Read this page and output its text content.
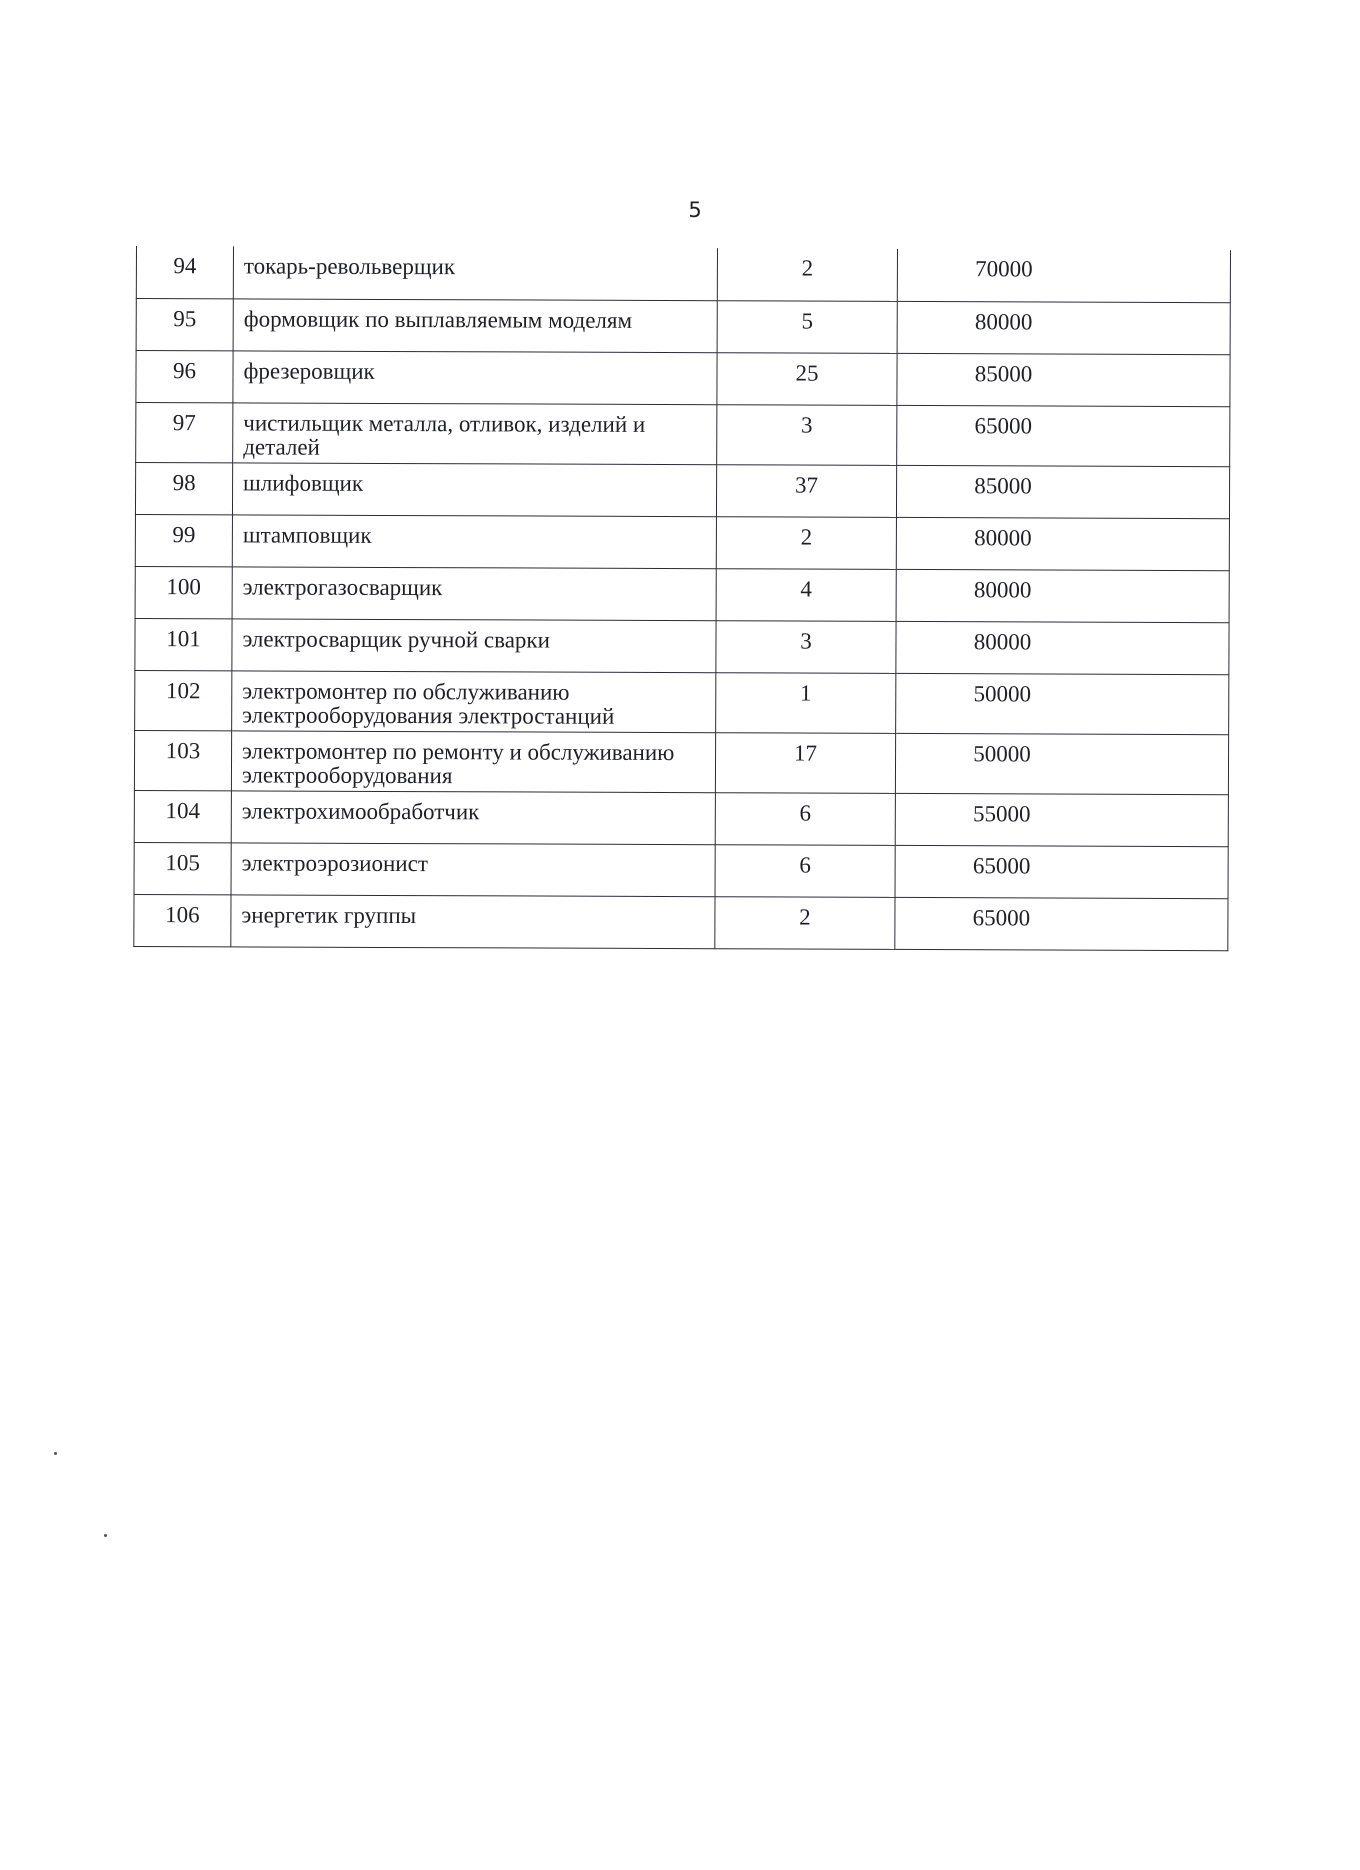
5
94	токарь-револьверщик	2	70000
95	формовщик по выплавляемым моделям	5	80000
96	фрезеровщик	25	85000
97	чистильщик металла, отливок, изделий и деталей	3	65000
98	шлифовщик	37	85000
99	штамповщик	2	80000
100	электрогазосварщик	4	80000
101	электросварщик ручной сварки	3	80000
102	электромонтер по обслуживанию электрооборудования электростанций	1	50000
103	электромонтер по ремонту и обслуживанию электрооборудования	17	50000
104	электрохимообработчик	6	55000
105	электроэрозионист	6	65000
106	энергетик группы	2	65000
